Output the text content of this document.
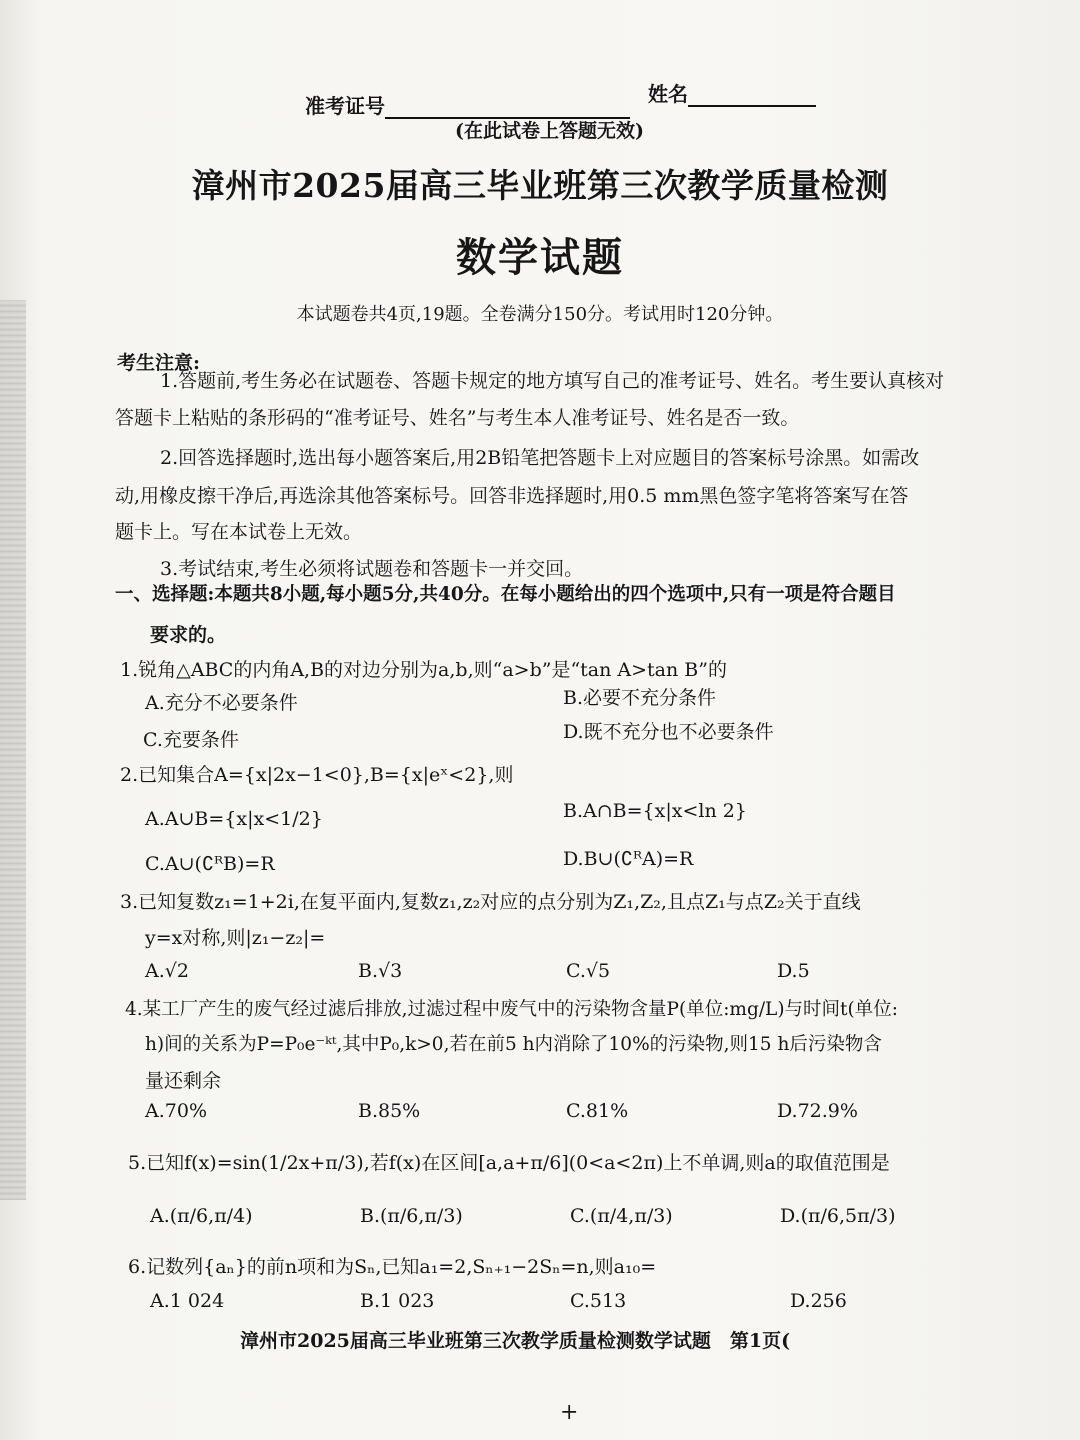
准考证号	姓名
(在此试卷上答题无效)
漳州市2025届高三毕业班第三次教学质量检测
数学试题
本试题卷共4页,19题。全卷满分150分。考试用时120分钟。
考生注意:
1.答题前,考生务必在试题卷、答题卡规定的地方填写自己的准考证号、姓名。考生要认真核对
答题卡上粘贴的条形码的“准考证号、姓名”与考生本人准考证号、姓名是否一致。
2.回答选择题时,选出每小题答案后,用2B铅笔把答题卡上对应题目的答案标号涂黑。如需改
动,用橡皮擦干净后,再选涂其他答案标号。回答非选择题时,用0.5 mm黑色签字笔将答案写在答
题卡上。写在本试卷上无效。
3.考试结束,考生必须将试题卷和答题卡一并交回。
一、选择题:本题共8小题,每小题5分,共40分。在每小题给出的四个选项中,只有一项是符合题目
要求的。
1.锐角△ABC的内角A,B的对边分别为a,b,则“a>b”是“tan A>tan B”的
A.充分不必要条件	B.必要不充分条件
C.充要条件	D.既不充分也不必要条件
2.已知集合A={x|2x−1<0},B={x|eˣ<2},则
A.A∪B={x|x<1/2}	B.A∩B={x|x<ln 2}
C.A∪(∁ᴿB)=R	D.B∪(∁ᴿA)=R
3.已知复数z₁=1+2i,在复平面内,复数z₁,z₂对应的点分别为Z₁,Z₂,且点Z₁与点Z₂关于直线
y=x对称,则|z₁−z₂|=
A.√2	B.√3	C.√5	D.5
4.某工厂产生的废气经过滤后排放,过滤过程中废气中的污染物含量P(单位:mg/L)与时间t(单位:
h)间的关系为P=P₀e⁻ᵏᵗ,其中P₀,k>0,若在前5 h内消除了10%的污染物,则15 h后污染物含
量还剩余
A.70%	B.85%	C.81%	D.72.9%
5.已知f(x)=sin(1/2x+π/3),若f(x)在区间[a,a+π/6](0<a<2π)上不单调,则a的取值范围是
A.(π/6,π/4)	B.(π/6,π/3)	C.(π/4,π/3)	D.(π/6,5π/3)
6.记数列{aₙ}的前n项和为Sₙ,已知a₁=2,Sₙ₊₁−2Sₙ=n,则a₁₀=
A.1 024	B.1 023	C.513	D.256
漳州市2025届高三毕业班第三次教学质量检测数学试题　第1页(
+
